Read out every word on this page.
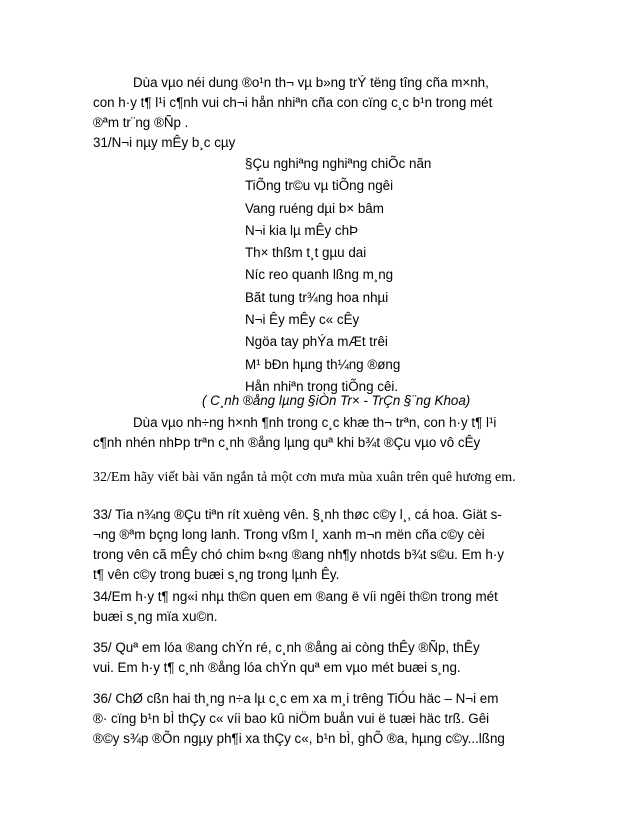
Dùa vµo néi dung ®o¹n th¬ vµ b»ng trÝ tëng tîng cña m×nh,

con h·y t¶ l¹i c¶nh vui ch¬i hån nhiªn cña con cïng c¸c b¹n trong mét
®ªm tr¨ng ®Ñp .

31/N¬i nµy mÊy b¸c cµy

§Çu nghiªng nghiªng chiÕc nãn
TiÕng tr©u vµ tiÕng ngêi
Vang ruéng dµi b× bâm
N¬i kia lµ mÊy chÞ
Th× thßm t¸t gµu dai
Níc reo quanh lßng m¸ng
Bãt tung tr¾ng hoa nhµi
N¬i Êy mÊy c« cÊy
Ngöa tay phÝa mÆt trêi
M¹ bÐn hµng th¼ng ®øng
Hån nhiªn trong tiÕng cêi.
( C¸nh ®ång lµng §iÒn Tr× - TrÇn §¨ng Khoa)

Dùa vµo nh÷ng h×nh ¶nh trong c¸c khæ th¬ trªn, con h·y t¶ l¹i

c¶nh nhén nhÞp trªn c¸nh ®ång lµng quª khi b¾t ®Çu vµo vô cÊy

32/Em hãy viết bài văn ngắn tả một cơn mưa mùa xuân trên quê hương em.

33/ Tia n¾ng ®Çu tiªn rít xuèng vên. §¸nh thøc c©y l¸, cá hoa. Giät s-
¬ng ®ªm bçng long lanh. Trong vßm l¸ xanh m¬n mën cña c©y cèi
trong vên cã mÊy chó chim b«ng ®ang nh¶y nhotds b¾t s©u. Em h·y
t¶ vên c©y trong buæi s¸ng trong lµnh Êy.

34/Em h·y t¶ ng«i nhµ th©n quen em ®ang ë víi ngêi th©n trong mét
buæi s¸ng mïa xu©n.

35/ Quª em lóa ®ang chÝn ré, c¸nh ®ång ai còng thÊy ®Ñp, thÊy
vui. Em h·y t¶ c¸nh ®ång lóa chÝn quª em vµo mét buæi s¸ng.

36/ ChØ cßn hai th¸ng n÷a lµ c¸c em xa m¸i trêng TiÓu häc – N¬i em
®· cïng b¹n bÌ thÇy c« víi bao kû niÖm buån vui ë tuæi häc trß. Gêi
®©y s¾p ®Õn ngµy ph¶i xa thÇy c«, b¹n bÌ, ghÕ ®a, hµng c©y...lßng
